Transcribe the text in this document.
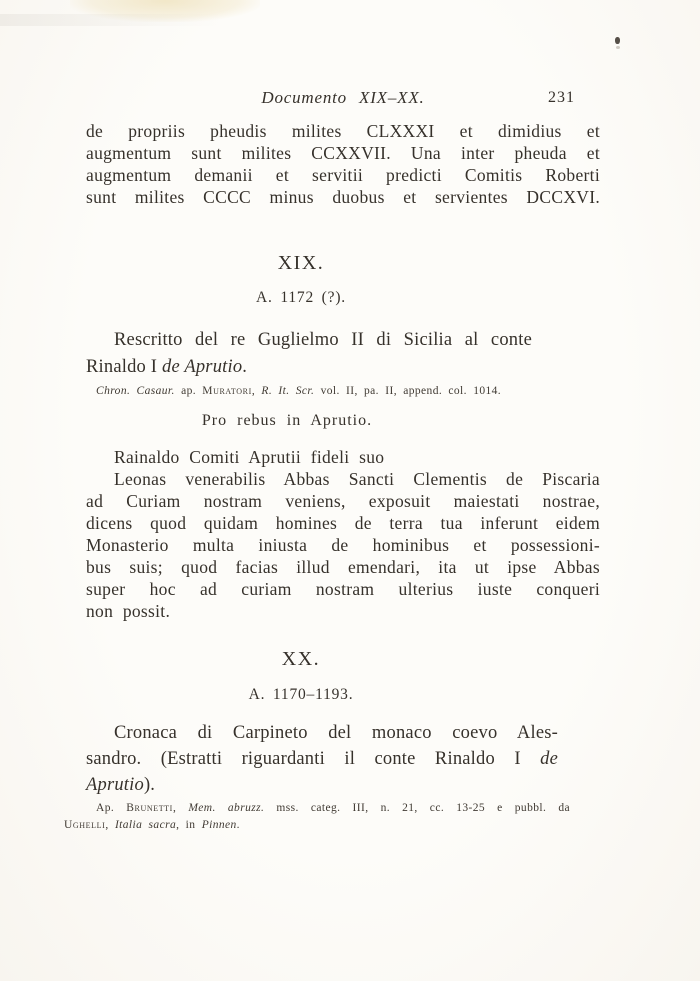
Documento XIX–XX.	231
de propriis pheudis milites CLXXXI et dimidius et
augmentum sunt milites CCXXVII. Una inter pheuda et
augmentum demanii et servitii predicti Comitis Roberti
sunt milites CCCC minus duobus et servientes DCCXVI.
XIX.
A. 1172 (?).
Rescritto del re Guglielmo II di Sicilia al conte
Rinaldo I de Aprutio.
Chron. Casaur. ap. Muratori, R. It. Scr. vol. II, pa. II, append. col. 1014.
Pro rebus in Aprutio.
Rainaldo Comiti Aprutii fideli suo
Leonas venerabilis Abbas Sancti Clementis de Piscaria
ad Curiam nostram veniens, exposuit maiestati nostrae,
dicens quod quidam homines de terra tua inferunt eidem
Monasterio multa iniusta de hominibus et possessioni-
bus suis; quod facias illud emendari, ita ut ipse Abbas
super hoc ad curiam nostram ulterius iuste conqueri
non possit.
XX.
A. 1170–1193.
Cronaca di Carpineto del monaco coevo Ales-
sandro. (Estratti riguardanti il conte Rinaldo I de
Aprutio).
Ap. Brunetti, Mem. abruzz. mss. categ. III, n. 21, cc. 13-25 e pubbl. da
Ughelli, Italia sacra, in Pinnen.
